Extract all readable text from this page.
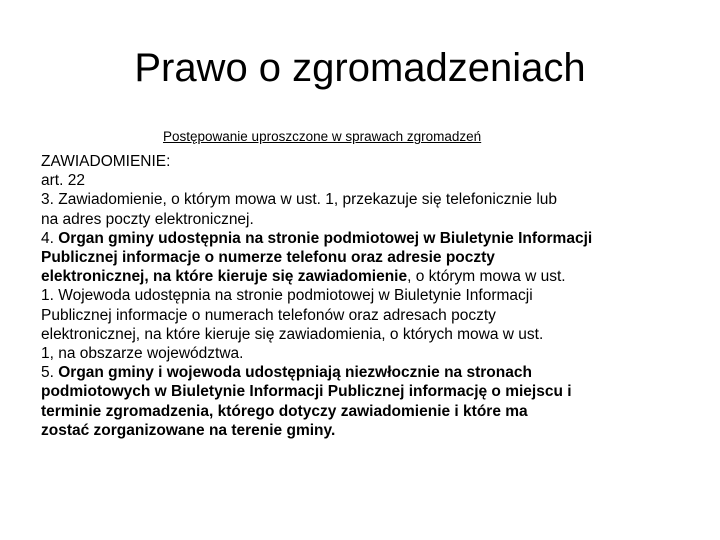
Prawo o zgromadzeniach

Postępowanie uproszczone w sprawach zgromadzeń

ZAWIADOMIENIE:

art. 22

3. Zawiadomienie, o którym mowa w ust. 1, przekazuje się telefonicznie lub
na adres poczty elektronicznej.

4. Organ gminy udostępnia na stronie podmiotowej w Biuletynie Informacji
Publicznej informacje o numerze telefonu oraz adresie poczty
elektronicznej, na które kieruje się zawiadomienie, o którym mowa w ust.
1. Wojewoda udostępnia na stronie podmiotowej w Biuletynie Informacji
Publicznej informacje o numerach telefonów oraz adresach poczty
elektronicznej, na które kieruje się zawiadomienia, o których mowa w ust.
1, na obszarze województwa.

5. Organ gminy i wojewoda udostępniają niezwłocznie na stronach
podmiotowych w Biuletynie Informacji Publicznej informację o miejscu i
terminie zgromadzenia, którego dotyczy zawiadomienie i które ma
zostać zorganizowane na terenie gminy.
